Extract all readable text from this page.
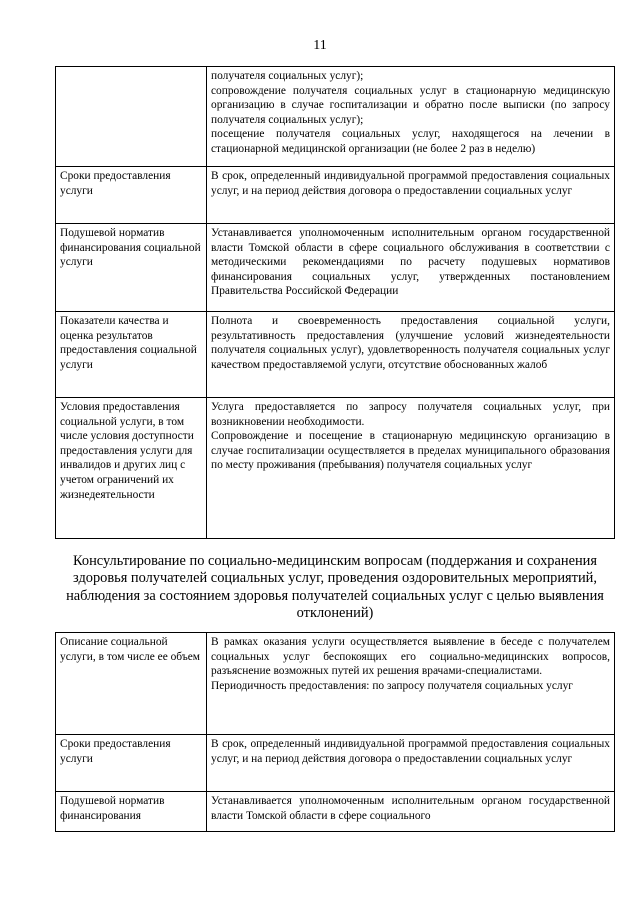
11

	получателя социальных услуг);
сопровождение получателя социальных услуг в стационарную медицинскую организацию в случае госпитализации и обратно после выписки (по запросу получателя социальных услуг);
посещение получателя социальных услуг, находящегося на лечении в стационарной медицинской организации (не более 2 раз в неделю)

Сроки предоставления услуги	В срок, определенный индивидуальной программой предоставления социальных услуг, и на период действия договора о предоставлении социальных услуг

Подушевой норматив финансирования социальной услуги	Устанавливается уполномоченным исполнительным органом государственной власти Томской области в сфере социального обслуживания в соответствии с методическими рекомендациями по расчету подушевых нормативов финансирования социальных услуг, утвержденных постановлением Правительства Российской Федерации

Показатели качества и оценка результатов предоставления социальной услуги	Полнота и своевременность предоставления социальной услуги, результативность предоставления (улучшение условий жизнедеятельности получателя социальных услуг), удовлетворенность получателя социальных услуг качеством предоставляемой услуги, отсутствие обоснованных жалоб

Условия предоставления социальной услуги, в том числе условия доступности предоставления услуги для инвалидов и других лиц с учетом ограничений их жизнедеятельности	Услуга предоставляется по запросу получателя социальных услуг, при возникновении необходимости.
Сопровождение и посещение в стационарную медицинскую организацию в случае госпитализации осуществляется в пределах муниципального образования по месту проживания (пребывания) получателя социальных услуг
Консультирование по социально-медицинским вопросам (поддержания и сохранения здоровья получателей социальных услуг, проведения оздоровительных мероприятий, наблюдения за состоянием здоровья получателей социальных услуг с целью выявления отклонений)
Описание социальной услуги, в том числе ее объем	В рамках оказания услуги осуществляется выявление в беседе с получателем социальных услуг беспокоящих его социально-медицинских вопросов, разъяснение возможных путей их решения врачами-специалистами.
Периодичность предоставления: по запросу получателя социальных услуг

Сроки предоставления услуги	В срок, определенный индивидуальной программой предоставления социальных услуг, и на период действия договора о предоставлении социальных услуг

Подушевой норматив финансирования	Устанавливается уполномоченным исполнительным органом государственной власти Томской области в сфере социального
